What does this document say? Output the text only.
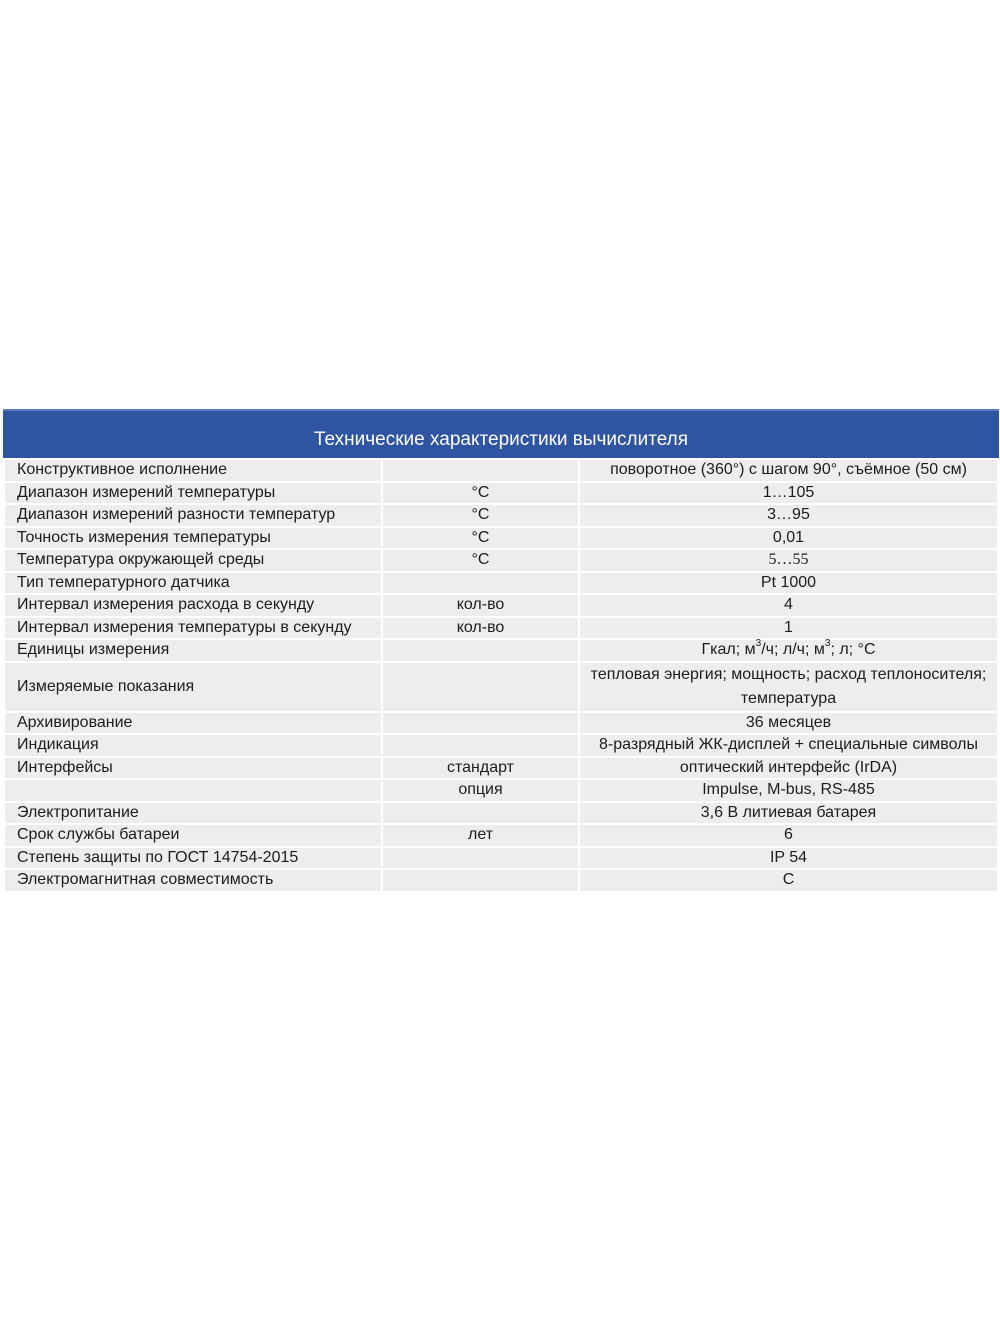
Технические характеристики вычислителя
Конструктивное исполнение		поворотное (360°) с шагом 90°, съёмное (50 см)
Диапазон измерений температуры	°C	1…105
Диапазон измерений разности температур	°C	3…95
Точность измерения температуры	°C	0,01
Температура окружающей среды	°C	5…55
Тип температурного датчика		Pt 1000
Интервал измерения расхода в секунду	кол-во	4
Интервал измерения температуры в секунду	кол-во	1
Единицы измерения		Гкал; $м^3/ч$; л/ч; $м^3$; л; °C
Измеряемые показания		тепловая энергия; мощность; расход теплоносителя; температура
Архивирование		36 месяцев
Индикация		8-разрядный ЖК-дисплей + специальные символы
Интерфейсы	стандарт	оптический интерфейс (IrDA)
	опция	Impulse, M-bus, RS-485
Электропитание		3,6 В литиевая батарея
Срок службы батареи	лет	6
Степень защиты по ГОСТ 14754-2015		IP 54
Электромагнитная совместимость		С
